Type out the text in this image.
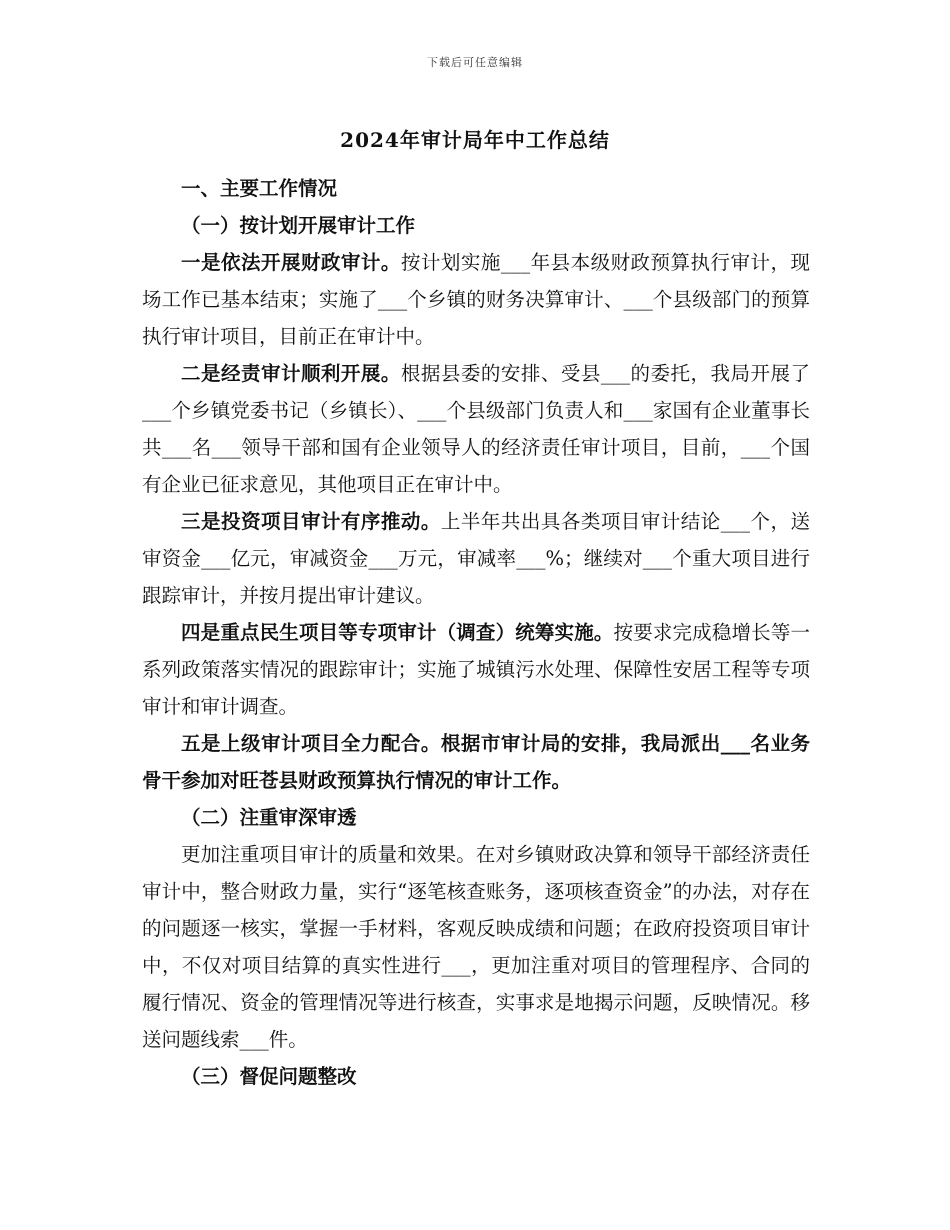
下载后可任意编辑
2024年审计局年中工作总结

一、主要工作情况

（一）按计划开展审计工作

一是依法开展财政审计。按计划实施___年县本级财政预算执行审计，现场工作已基本结束；实施了___个乡镇的财务决算审计、___个县级部门的预算执行审计项目，目前正在审计中。

二是经责审计顺利开展。根据县委的安排、受县___的委托，我局开展了___个乡镇党委书记（乡镇长）、___个县级部门负责人和___家国有企业董事长共___名___领导干部和国有企业领导人的经济责任审计项目，目前，___个国有企业已征求意见，其他项目正在审计中。

三是投资项目审计有序推动。上半年共出具各类项目审计结论___个，送审资金___亿元，审减资金___万元，审减率___%；继续对___个重大项目进行跟踪审计，并按月提出审计建议。

四是重点民生项目等专项审计（调查）统筹实施。按要求完成稳增长等一系列政策落实情况的跟踪审计；实施了城镇污水处理、保障性安居工程等专项审计和审计调查。

五是上级审计项目全力配合。根据市审计局的安排，我局派出___名业务骨干参加对旺苍县财政预算执行情况的审计工作。

（二）注重审深审透

更加注重项目审计的质量和效果。在对乡镇财政决算和领导干部经济责任审计中，整合财政力量，实行“逐笔核查账务，逐项核查资金”的办法，对存在的问题逐一核实，掌握一手材料，客观反映成绩和问题；在政府投资项目审计中，不仅对项目结算的真实性进行___，更加注重对项目的管理程序、合同的履行情况、资金的管理情况等进行核查，实事求是地揭示问题，反映情况。移送问题线索___件。

（三）督促问题整改
